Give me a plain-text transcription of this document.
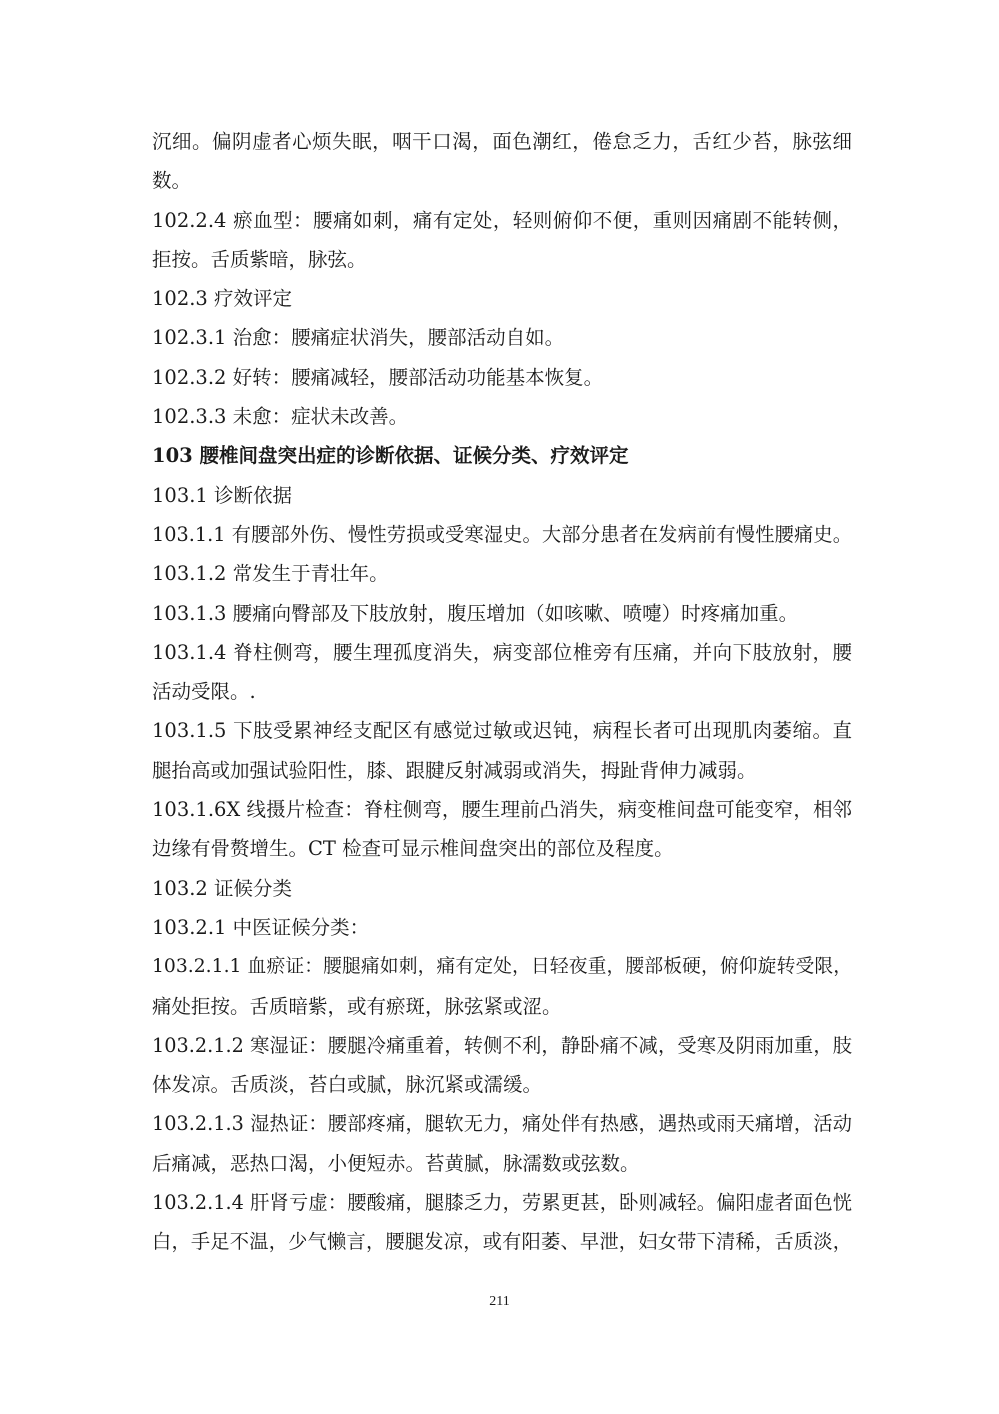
沉细。偏阴虚者心烦失眠，咽干口渴，面色潮红，倦怠乏力，舌红少苔，脉弦细
数。
102.2.4 瘀血型：腰痛如刺，痛有定处，轻则俯仰不便，重则因痛剧不能转侧，
拒按。舌质紫暗，脉弦。
102.3 疗效评定
102.3.1 治愈：腰痛症状消失，腰部活动自如。
102.3.2 好转：腰痛减轻，腰部活动功能基本恢复。
102.3.3 未愈：症状未改善。
103 腰椎间盘突出症的诊断依据、证候分类、疗效评定
103.1 诊断依据
103.1.1 有腰部外伤、慢性劳损或受寒湿史。大部分患者在发病前有慢性腰痛史。
103.1.2 常发生于青壮年。
103.1.3 腰痛向臀部及下肢放射，腹压增加（如咳嗽、喷嚏）时疼痛加重。
103.1.4 脊柱侧弯，腰生理孤度消失，病变部位椎旁有压痛，并向下肢放射，腰
活动受限。.
103.1.5 下肢受累神经支配区有感觉过敏或迟钝，病程长者可出现肌肉萎缩。直
腿抬高或加强试验阳性，膝、跟腱反射减弱或消失，拇趾背伸力减弱。
103.1.6X 线摄片检查：脊柱侧弯，腰生理前凸消失，病变椎间盘可能变窄，相邻
边缘有骨赘增生。CT 检查可显示椎间盘突出的部位及程度。
103.2 证候分类
103.2.1 中医证候分类：
103.2.1.1 血瘀证：腰腿痛如刺，痛有定处，日轻夜重，腰部板硬，俯仰旋转受限，
痛处拒按。舌质暗紫，或有瘀斑，脉弦紧或涩。
103.2.1.2 寒湿证：腰腿冷痛重着，转侧不利，静卧痛不减，受寒及阴雨加重，肢
体发凉。舌质淡，苔白或腻，脉沉紧或濡缓。
103.2.1.3 湿热证：腰部疼痛，腿软无力，痛处伴有热感，遇热或雨天痛增，活动
后痛减，恶热口渴，小便短赤。苔黄腻，脉濡数或弦数。
103.2.1.4 肝肾亏虚：腰酸痛，腿膝乏力，劳累更甚，卧则减轻。偏阳虚者面色恍
白，手足不温，少气懒言，腰腿发凉，或有阳萎、早泄，妇女带下清稀，舌质淡，
211
